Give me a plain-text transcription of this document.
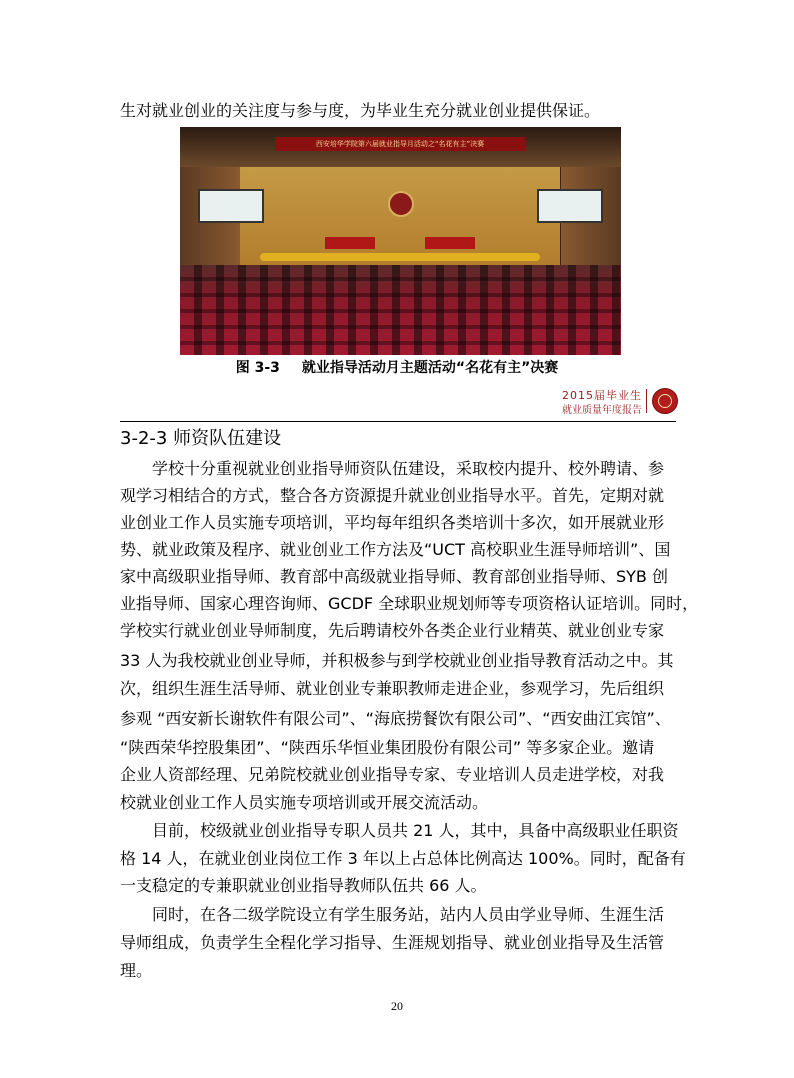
生对就业创业的关注度与参与度，为毕业生充分就业创业提供保证。
西安培华学院第六届就业指导月活动之“名花有主”决赛
图 3-3 就业指导活动月主题活动“名花有主”决赛
2015届毕业生
就业质量年度报告
3-2-3 师资队伍建设
　　学校十分重视就业创业指导师资队伍建设，采取校内提升、校外聘请、参
观学习相结合的方式，整合各方资源提升就业创业指导水平。首先，定期对就
业创业工作人员实施专项培训，平均每年组织各类培训十多次，如开展就业形
势、就业政策及程序、就业创业工作方法及“UCT 高校职业生涯导师培训”、国
家中高级职业指导师、教育部中高级就业指导师、教育部创业指导师、SYB 创
业指导师、国家心理咨询师、GCDF 全球职业规划师等专项资格认证培训。同时，
学校实行就业创业导师制度，先后聘请校外各类企业行业精英、就业创业专家
33 人为我校就业创业导师，并积极参与到学校就业创业指导教育活动之中。其
次，组织生涯生活导师、就业创业专兼职教师走进企业，参观学习，先后组织
参观 “西安新长谢软件有限公司”、“海底捞餐饮有限公司”、“西安曲江宾馆”、
“陕西荣华控股集团”、“陕西乐华恒业集团股份有限公司” 等多家企业。邀请
企业人资部经理、兄弟院校就业创业指导专家、专业培训人员走进学校，对我
校就业创业工作人员实施专项培训或开展交流活动。
　　目前，校级就业创业指导专职人员共 21 人，其中，具备中高级职业任职资
格 14 人，在就业创业岗位工作 3 年以上占总体比例高达 100%。同时，配备有
一支稳定的专兼职就业创业指导教师队伍共 66 人。
　　同时，在各二级学院设立有学生服务站，站内人员由学业导师、生涯生活
导师组成，负责学生全程化学习指导、生涯规划指导、就业创业指导及生活管
理。
20
